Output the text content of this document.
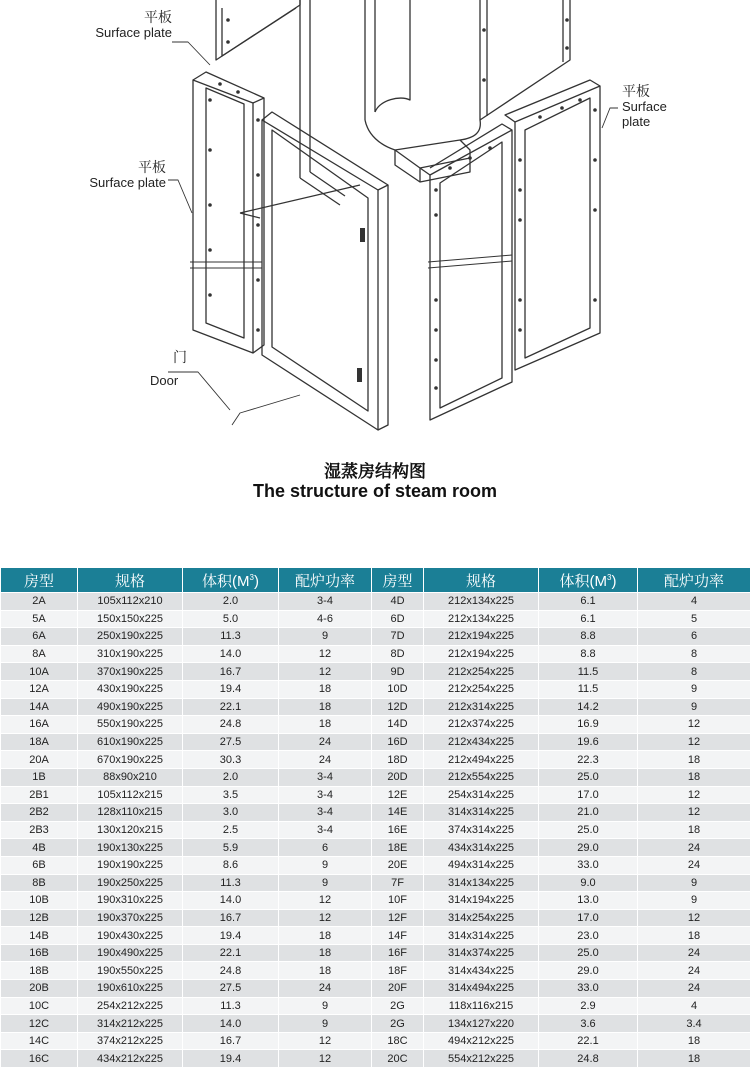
平板
Surface plate
平板
Surface plate
平板
Surface
plate
门
Door
湿蒸房结构图
The structure of steam room
房型	规格	体积$(M^3)$	配炉功率	房型	规格	体积$(M^3)$	配炉功率
2A	105x112x210	2.0	3-4	4D	212x134x225	6.1	4
5A	150x150x225	5.0	4-6	6D	212x134x225	6.1	5
6A	250x190x225	11.3	9	7D	212x194x225	8.8	6
8A	310x190x225	14.0	12	8D	212x194x225	8.8	8
10A	370x190x225	16.7	12	9D	212x254x225	11.5	8
12A	430x190x225	19.4	18	10D	212x254x225	11.5	9
14A	490x190x225	22.1	18	12D	212x314x225	14.2	9
16A	550x190x225	24.8	18	14D	212x374x225	16.9	12
18A	610x190x225	27.5	24	16D	212x434x225	19.6	12
20A	670x190x225	30.3	24	18D	212x494x225	22.3	18
1B	88x90x210	2.0	3-4	20D	212x554x225	25.0	18
2B1	105x112x215	3.5	3-4	12E	254x314x225	17.0	12
2B2	128x110x215	3.0	3-4	14E	314x314x225	21.0	12
2B3	130x120x215	2.5	3-4	16E	374x314x225	25.0	18
4B	190x130x225	5.9	6	18E	434x314x225	29.0	24
6B	190x190x225	8.6	9	20E	494x314x225	33.0	24
8B	190x250x225	11.3	9	7F	314x134x225	9.0	9
10B	190x310x225	14.0	12	10F	314x194x225	13.0	9
12B	190x370x225	16.7	12	12F	314x254x225	17.0	12
14B	190x430x225	19.4	18	14F	314x314x225	23.0	18
16B	190x490x225	22.1	18	16F	314x374x225	25.0	24
18B	190x550x225	24.8	18	18F	314x434x225	29.0	24
20B	190x610x225	27.5	24	20F	314x494x225	33.0	24
10C	254x212x225	11.3	9	2G	118x116x215	2.9	4
12C	314x212x225	14.0	9	2G	134x127x220	3.6	3.4
14C	374x212x225	16.7	12	18C	494x212x225	22.1	18
16C	434x212x225	19.4	12	20C	554x212x225	24.8	18
